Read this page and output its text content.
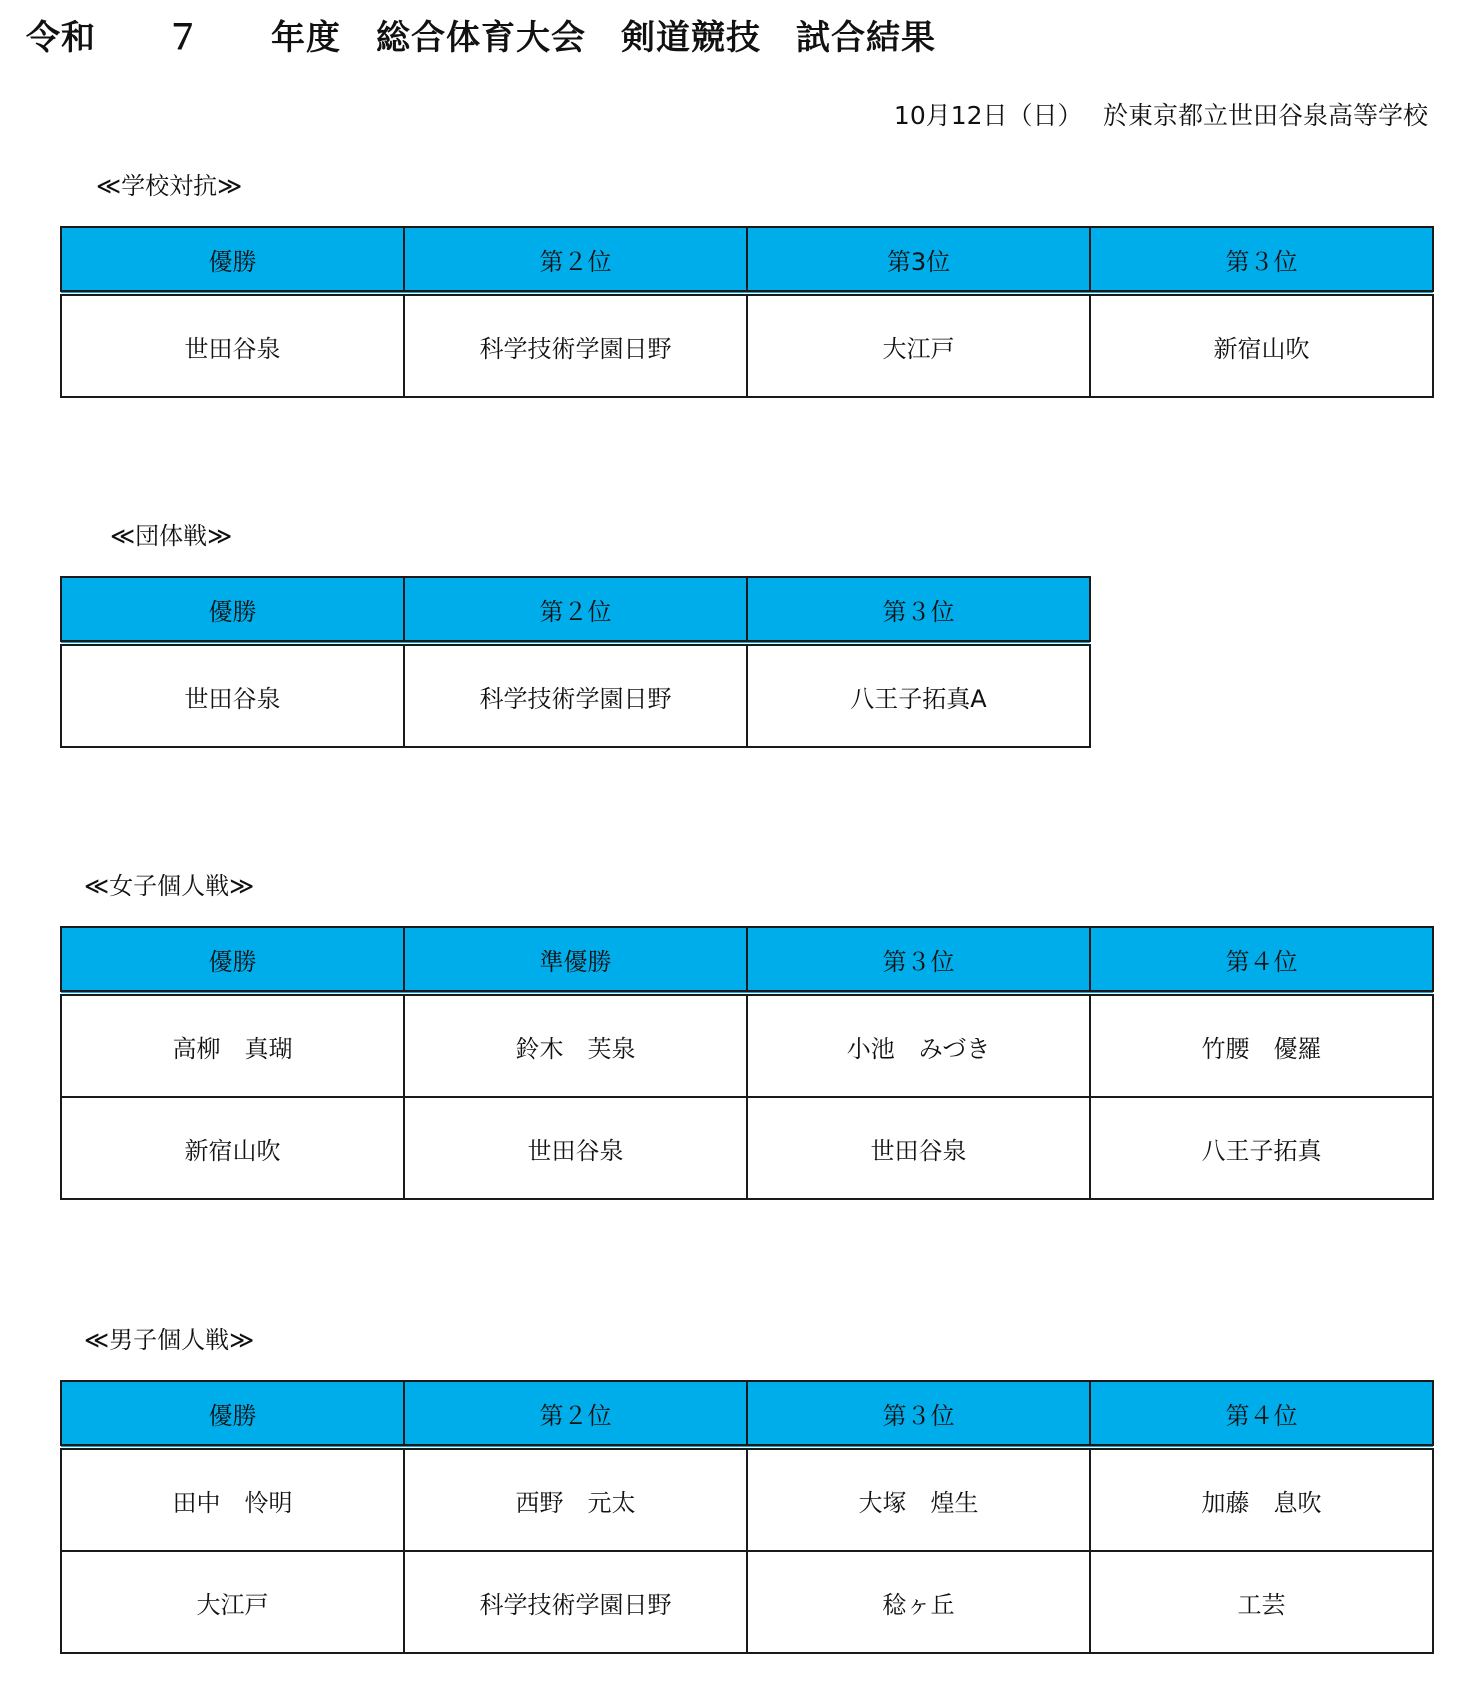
令和　　７　　年度　総合体育大会　剣道競技　試合結果
10月12日（日）　 於東京都立世田谷泉高等学校
≪学校対抗≫
優勝	第２位	第3位	第３位
世田谷泉	科学技術学園日野	大江戸	新宿山吹
≪団体戦≫
優勝	第２位	第３位
世田谷泉	科学技術学園日野	八王子拓真A
≪女子個人戦≫
優勝	準優勝	第３位	第４位
高柳　真瑚	鈴木　芙泉	小池　みづき	竹腰　優羅
新宿山吹	世田谷泉	世田谷泉	八王子拓真
≪男子個人戦≫
優勝	第２位	第３位	第４位
田中　怜明	西野　元太	大塚　煌生	加藤　息吹
大江戸	科学技術学園日野	稔ヶ丘	工芸
